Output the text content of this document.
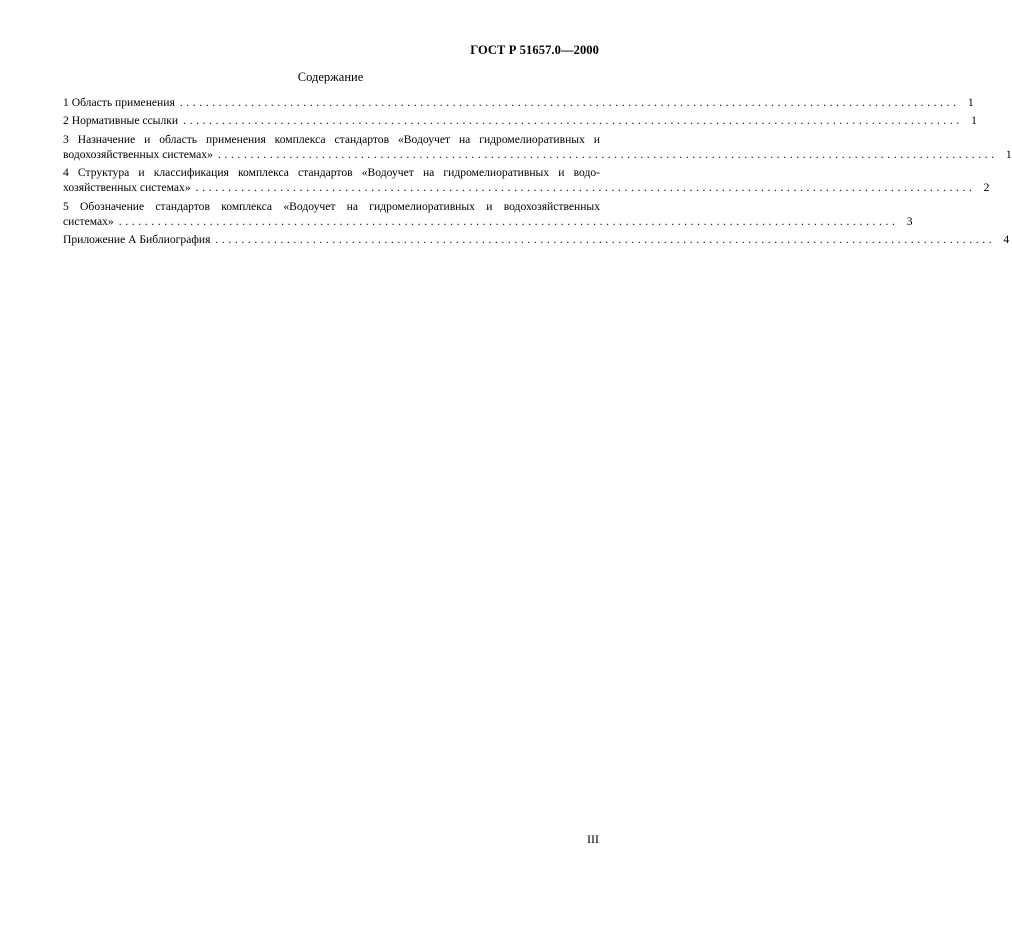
ГОСТ Р 51657.0—2000
Содержание
1 Область применения ........................................................................................................................ 1
2 Нормативные ссылки ........................................................................................................................ 1
3 Назначение и область применения комплекса стандартов «Водоучет на гидромелиоративных и
водохозяйственных системах» ........................................................................................................................ 1
4 Структура и классификация комплекса стандартов «Водоучет на гидромелиоративных и водо-
хозяйственных системах» ........................................................................................................................ 2
5 Обозначение стандартов комплекса «Водоучет на гидромелиоративных и водохозяйственных
системах» ........................................................................................................................ 3
Приложение А Библиография ........................................................................................................................ 4
III
